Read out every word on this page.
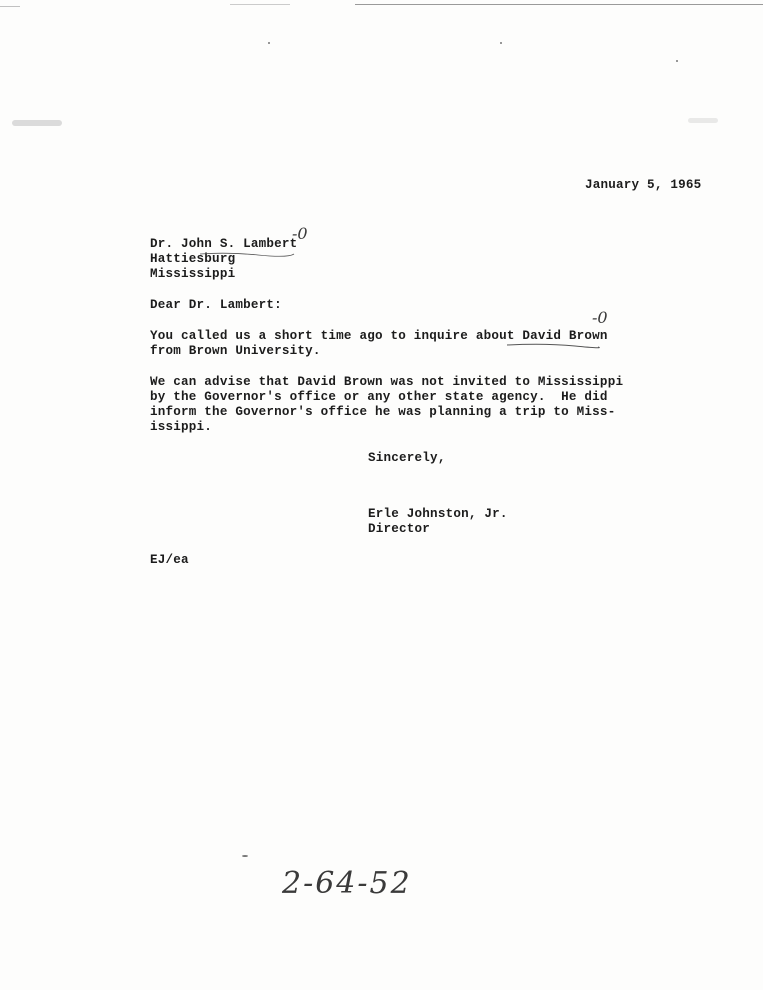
January 5, 1965
Dr. John S. Lambert
Hattiesburg
Mississippi
-0
Dear Dr. Lambert:
You called us a short time ago to inquire about David Brown
from Brown University.
-0
We can advise that David Brown was not invited to Mississippi
by the Governor's office or any other state agency.  He did
inform the Governor's office he was planning a trip to Miss-
issippi.
Sincerely,
Erle Johnston, Jr.
Director
EJ/ea
2-64-52
